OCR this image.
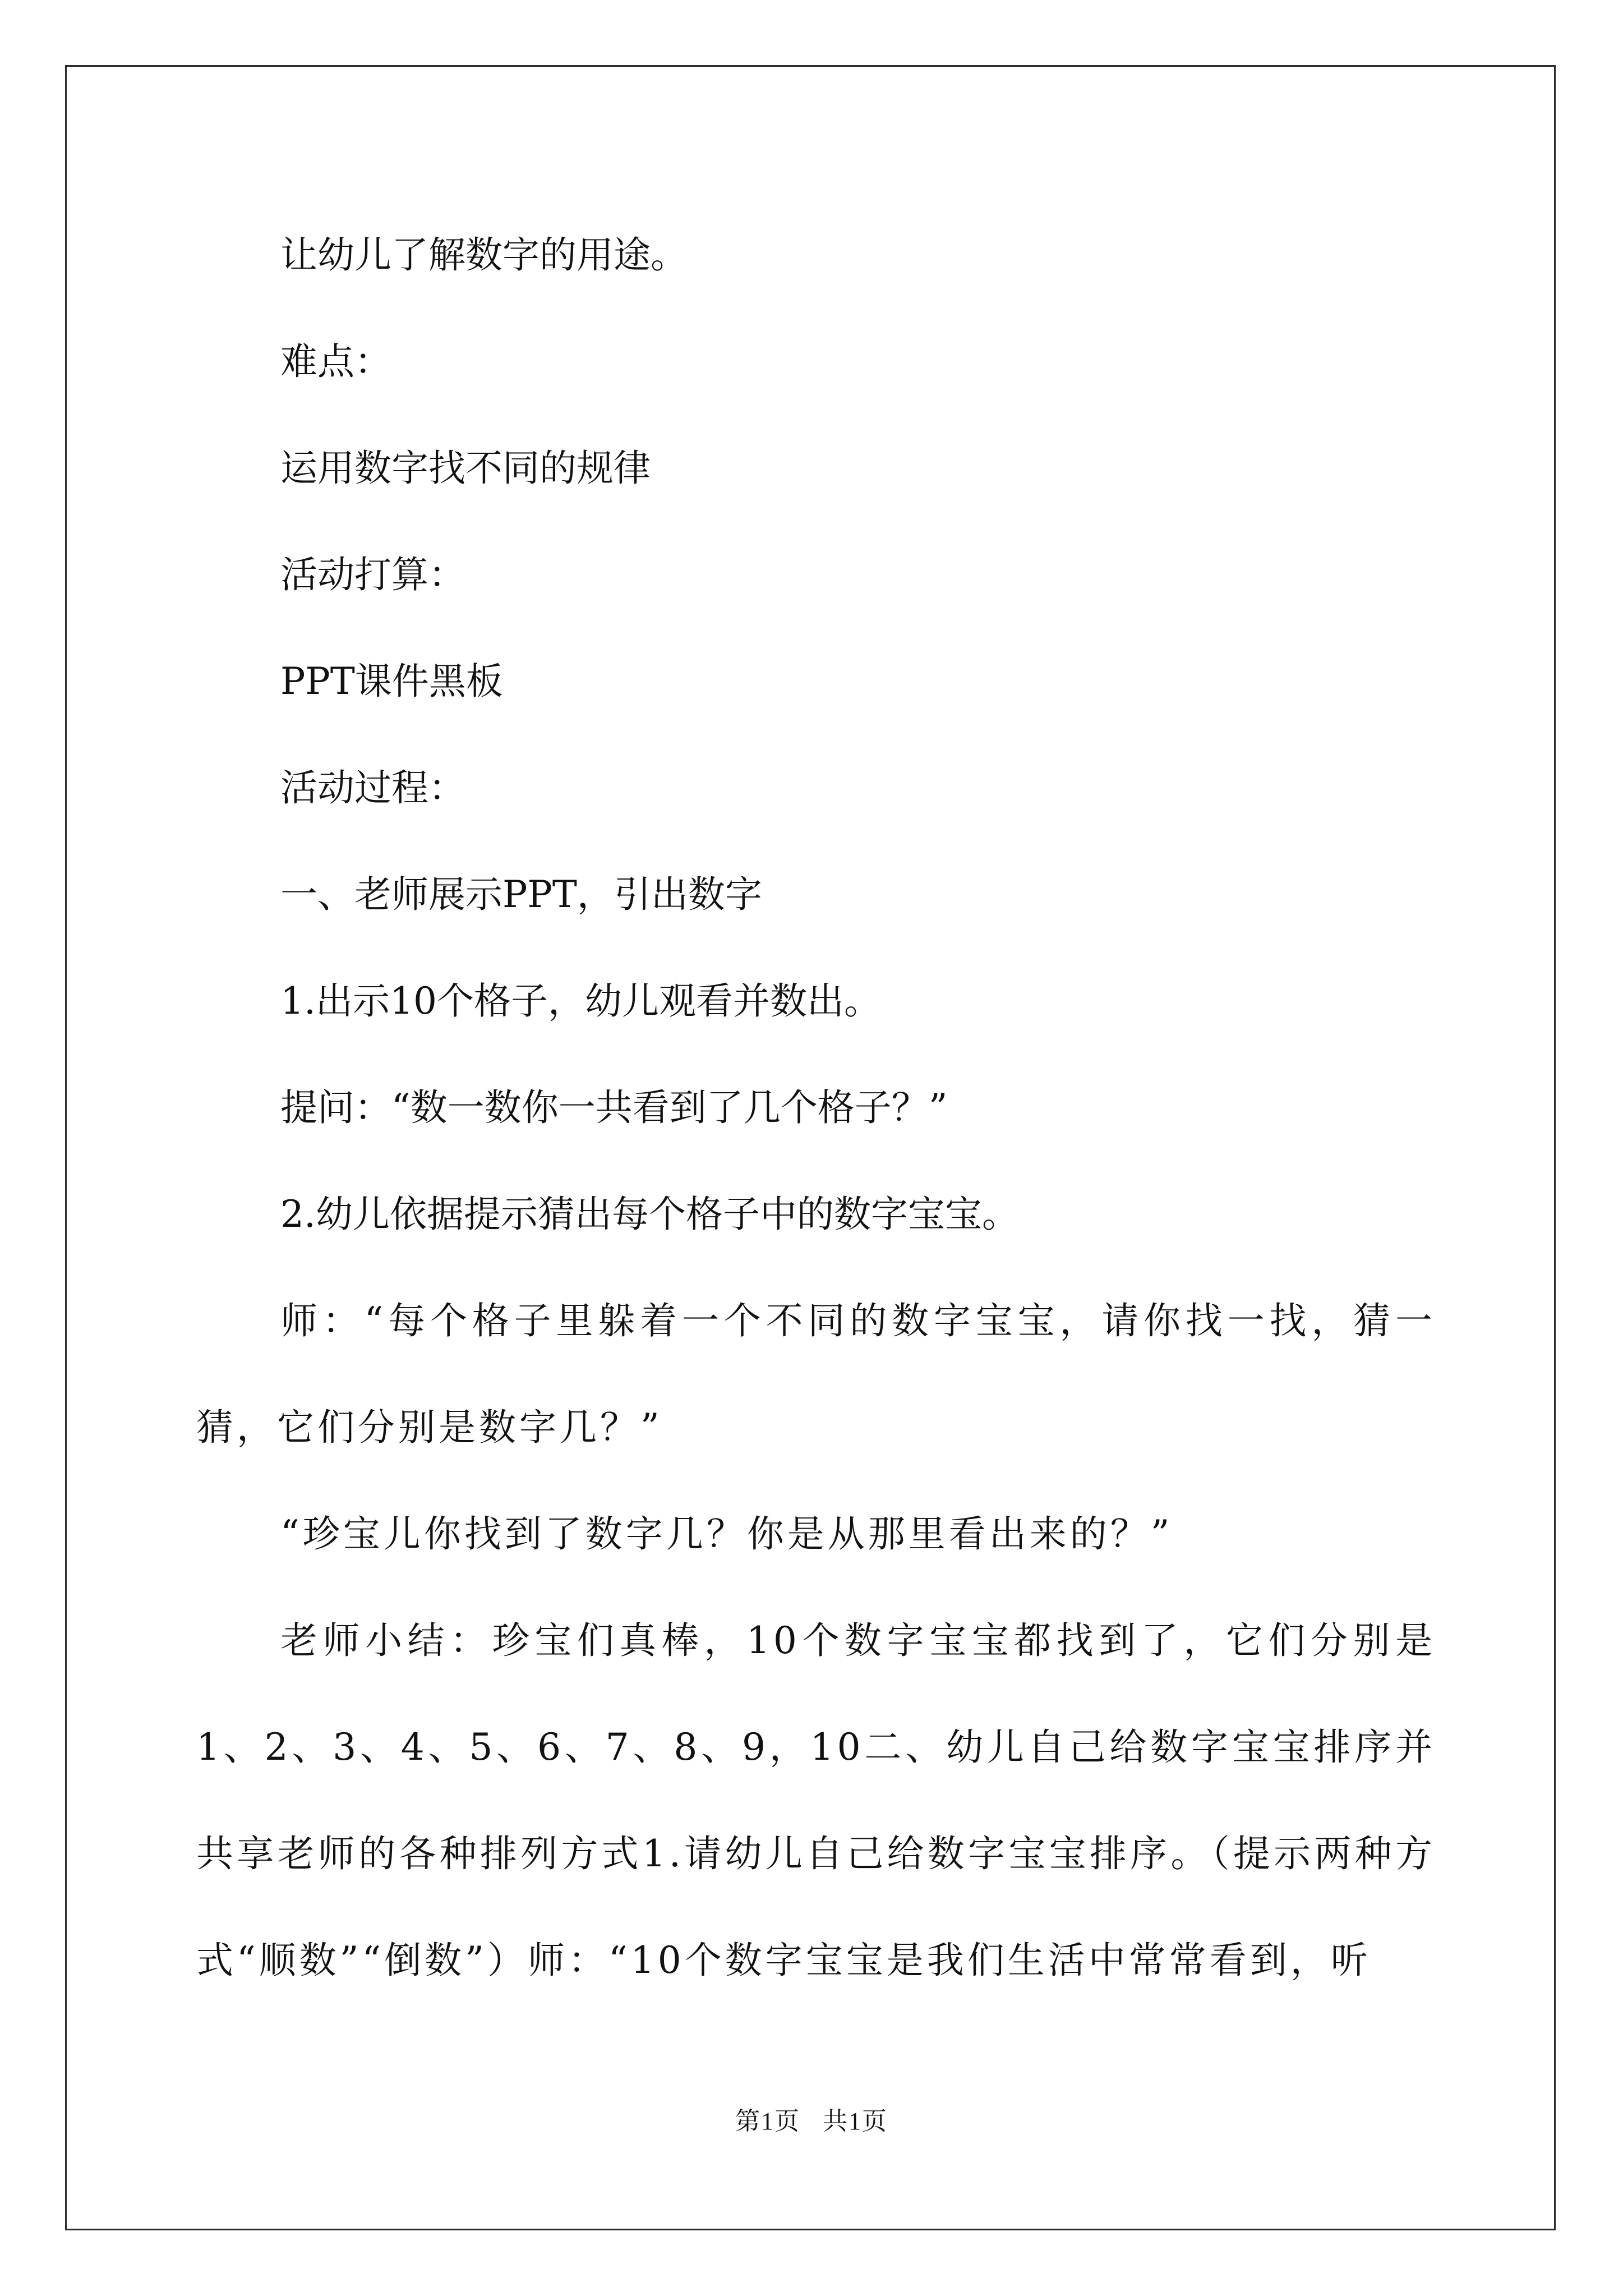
让幼儿了解数字的用途。

难点：

运用数字找不同的规律

活动打算：

PPT课件黑板

活动过程：

一、老师展示PPT，引出数字

1.出示10个格子，幼儿观看并数出。

提问：“数一数你一共看到了几个格子？”

2.幼儿依据提示猜出每个格子中的数字宝宝。

师：“每个格子里躲着一个不同的数字宝宝，请你找一找，猜一猜，它们分别是数字几？”

“珍宝儿你找到了数字几？你是从那里看出来的？”

老师小结：珍宝们真棒，10个数字宝宝都找到了，它们分别是1、2、3、4、5、6、7、8、9，10二、幼儿自己给数字宝宝排序并共享老师的各种排列方式1.请幼儿自己给数字宝宝排序。（提示两种方式“顺数”“倒数”）师：“10个数字宝宝是我们生活中常常看到，听

第1页 共1页
